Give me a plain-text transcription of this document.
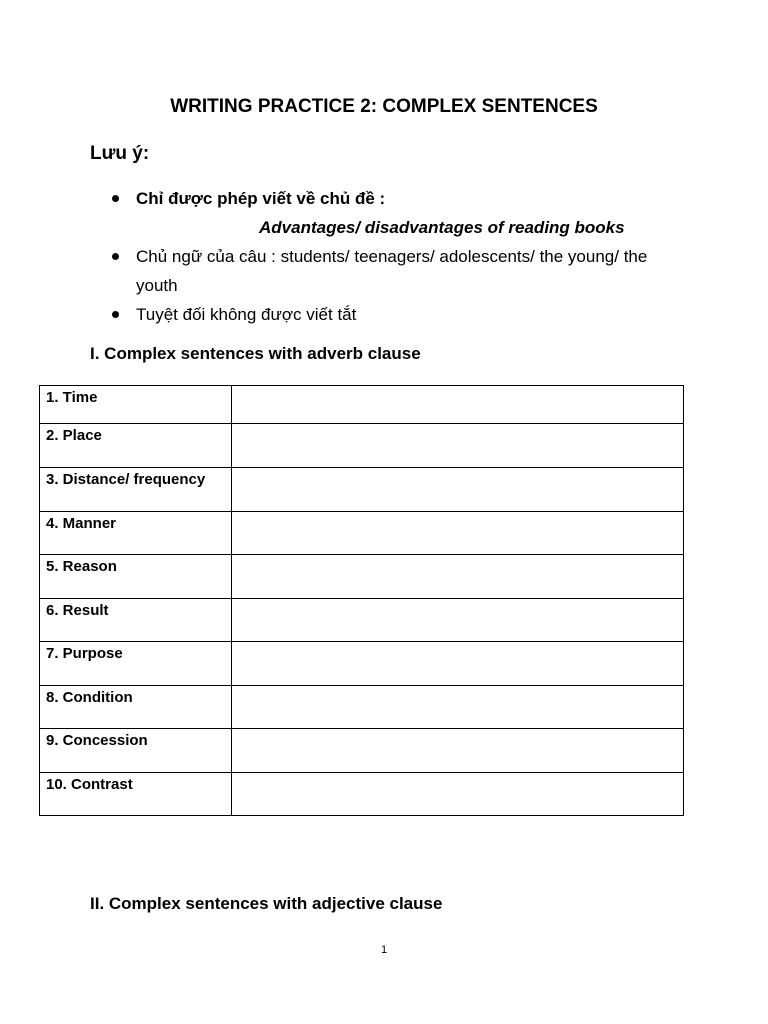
WRITING PRACTICE 2: COMPLEX SENTENCES
Lưu ý:
Chỉ được phép viết về chủ đề :
Advantages/ disadvantages of reading books
Chủ ngữ của câu : students/ teenagers/ adolescents/ the young/ the youth
Tuyệt đối không được viết tắt
I. Complex sentences with adverb clause
1. Time	
2. Place	
3. Distance/ frequency	
4. Manner	
5. Reason	
6. Result	
7. Purpose	
8. Condition	
9. Concession	
10. Contrast	
II. Complex sentences with adjective clause
1
